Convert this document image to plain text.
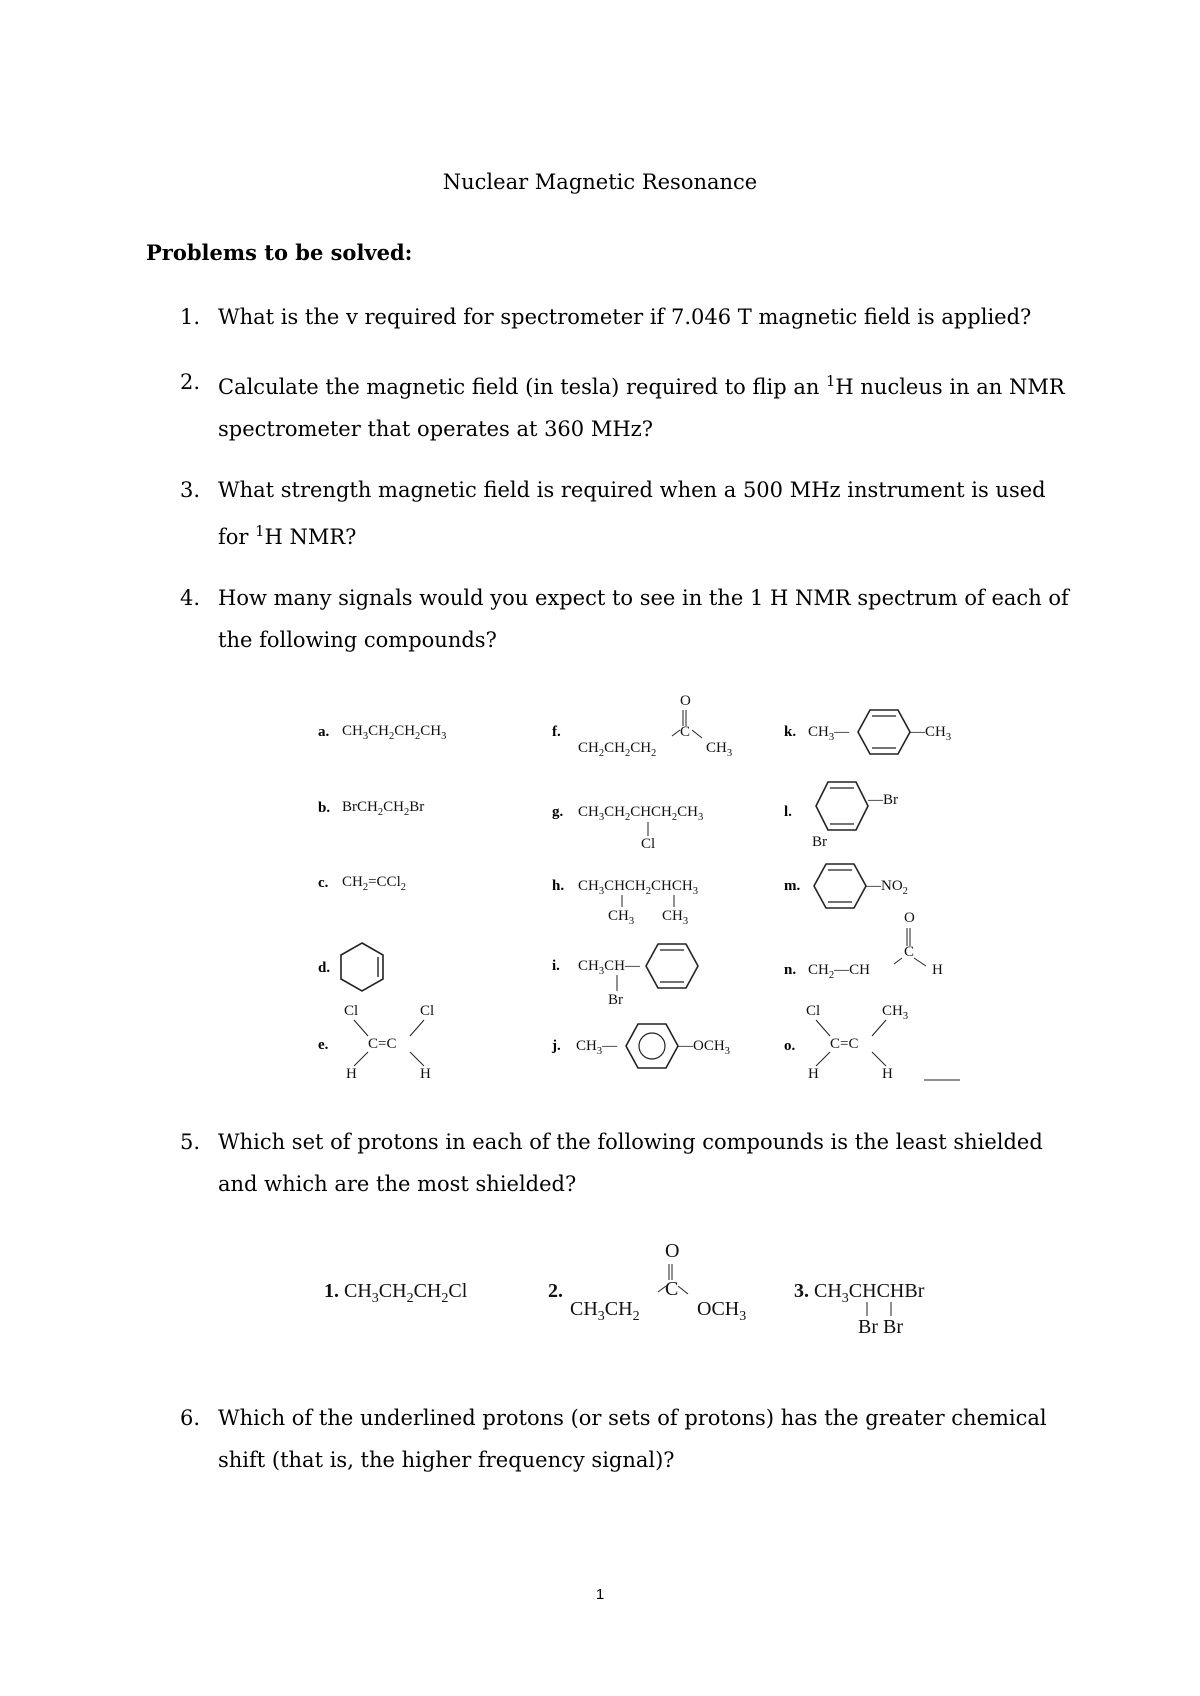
Nuclear Magnetic Resonance
Problems to be solved:
1. What is the v required for spectrometer if 7.046 T magnetic field is applied?
2. Calculate the magnetic field (in tesla) required to flip an $^1$H nucleus in an NMR spectrometer that operates at 360 MHz?
3. What strength magnetic field is required when a 500 MHz instrument is used for $^1$H NMR?
4. How many signals would you expect to see in the 1 H NMR spectrum of each of the following compounds?
a. $CH_3CH_2CH_2CH_3$
b. $BrCH_2CH_2Br$
c. $CH_2=CCl_2$
d.
e.
Cl	Cl
C=C
H	H
f.
O
C
$CH_2CH_2CH_2$	$CH_3$
g. $CH_3CH_2CHCH_2CH_3$
Cl
h. $CH_3CHCH_2CHCH_3$
$CH_3$ $CH_3$
i. $CH_3CH—$
Br
j. $CH_3—$	$—OCH_3$
k. $CH_3—$	$—CH_3$
l.
—Br
Br
m.	$—NO_2$
n. $CH_2—CH$
O
C
H
o.
Cl	$CH_3$
C=C
H	H
5. Which set of protons in each of the following compounds is the least shielded and which are the most shielded?
1. $CH_3CH_2CH_2Cl$	2.
O
C
$CH_3CH_2$	$OCH_3$
3. $CH_3CHCHBr$
Br Br
6. Which of the underlined protons (or sets of protons) has the greater chemical shift (that is, the higher frequency signal)?
1
